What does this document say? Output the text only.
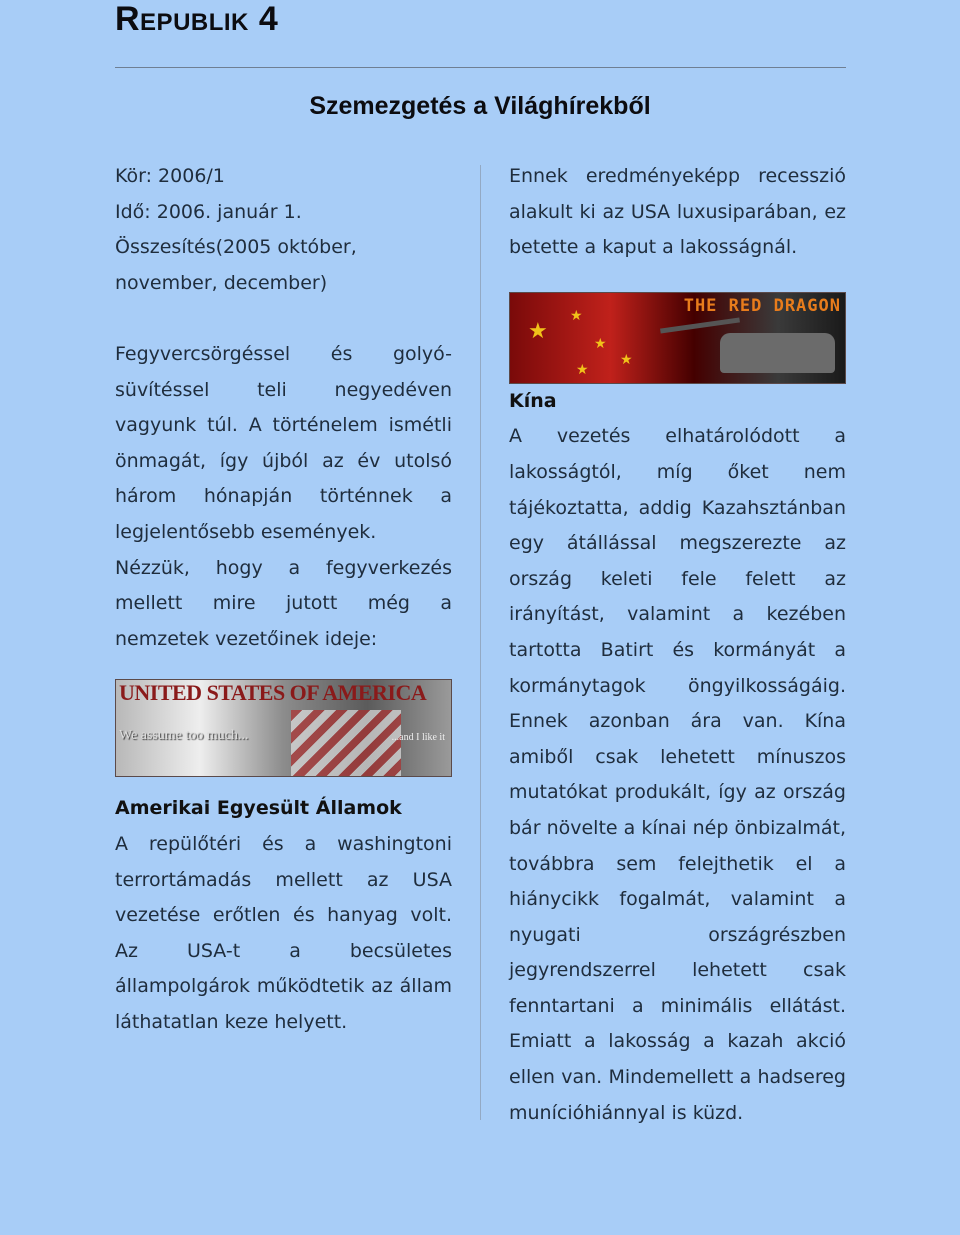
Republik 4
Szemezgetés a Világhírekből

Kör: 2006/1

Idő: 2006. január 1.

Összesítés(2005 október, november, december)

Fegyvercsörgéssel és golyó-süvítéssel teli negyedéven vagyunk túl. A történelem ismétli önmagát, így újból az év utolsó három hónapján történnek a legjelentősebb események.

Nézzük, hogy a fegyverkezés mellett mire jutott még a nemzetek vezetőinek ideje:

UNITED STATES OF AMERICA
We assume too much...	...and I like it

Amerikai Egyesült Államok

A repülőtéri és a washingtoni terrortámadás mellett az USA vezetése erőtlen és hanyag volt. Az USA-t a becsületes állampolgárok működtetik az állam láthatatlan keze helyett.

Ennek eredményeképp recesszió alakult ki az USA luxusiparában, ez betette a kaput a lakosságnál.

★
★
★
★
★
THE RED DRAGON

Kína

A vezetés elhatárolódott a lakosságtól, míg őket nem tájékoztatta, addig Kazahsztánban egy átállással megszerezte az ország keleti fele felett az irányítást, valamint a kezében tartotta Batirt és kormányát a kormánytagok öngyilkosságáig. Ennek azonban ára van. Kína amiből csak lehetett mínuszos mutatókat produkált, így az ország bár növelte a kínai nép önbizalmát, továbbra sem felejthetik el a hiánycikk fogalmát, valamint a nyugati országrészben jegyrendszerrel lehetett csak fenntartani a minimális ellátást. Emiatt a lakosság a kazah akció ellen van. Mindemellett a hadsereg munícióhiánnyal is küzd.
